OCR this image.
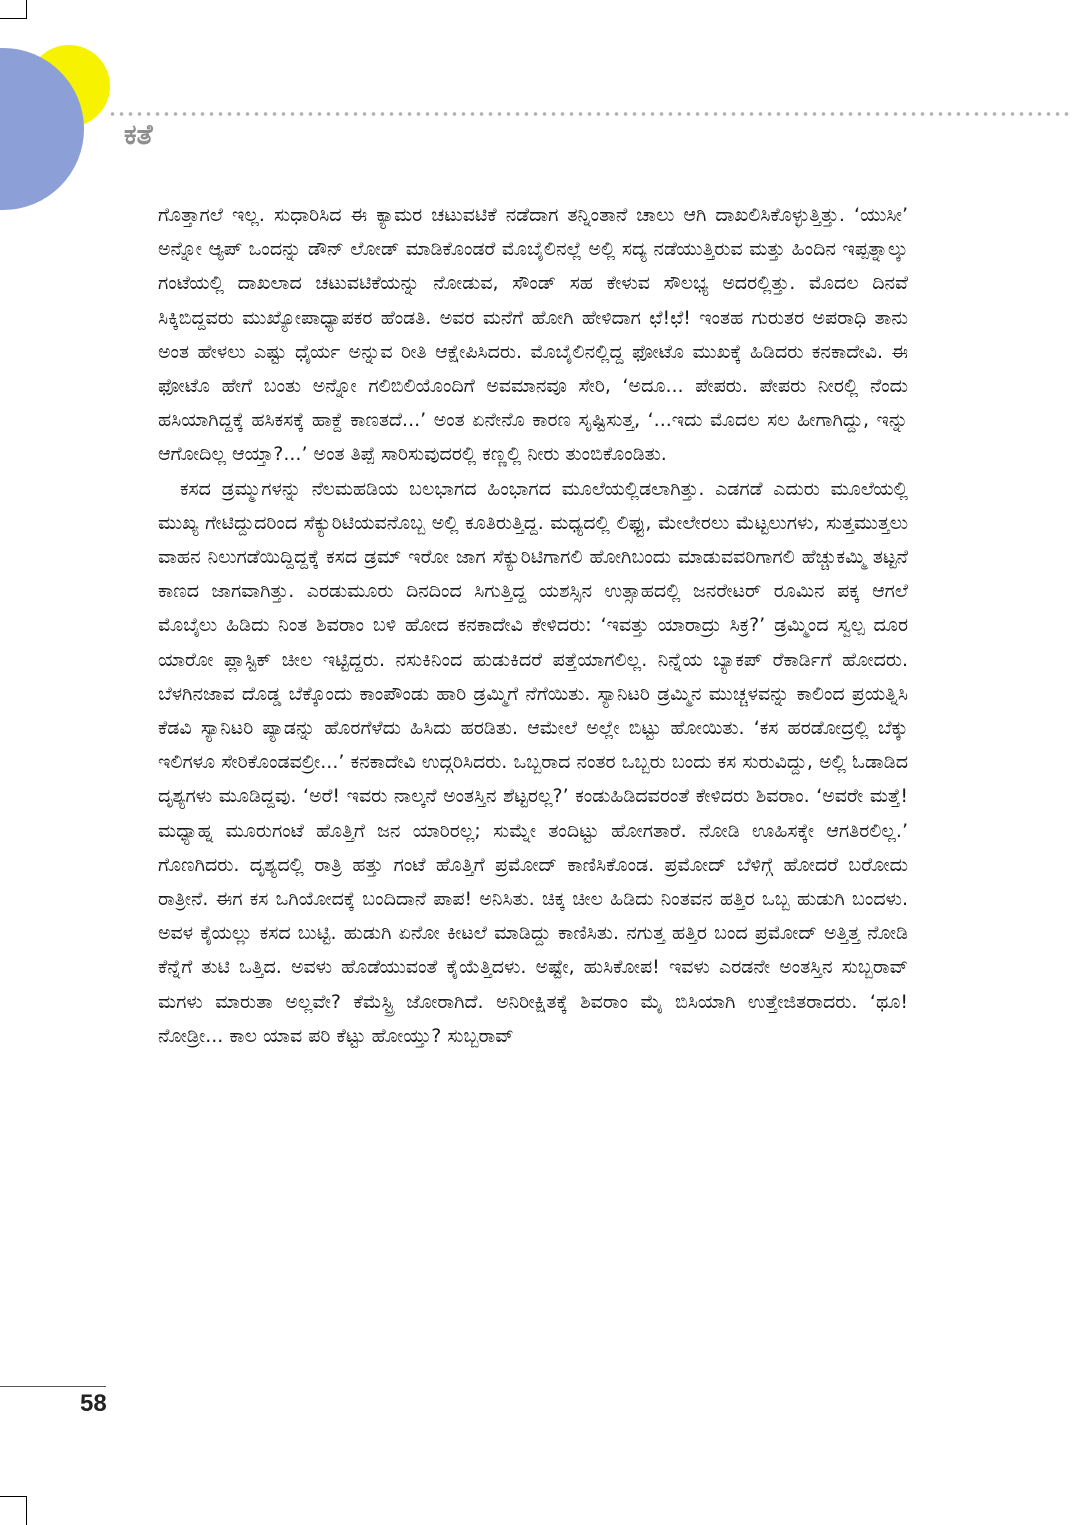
ಕತೆ

ಗೊತ್ತಾಗಲೆ ಇಲ್ಲ. ಸುಧಾರಿಸಿದ ಈ ಕ್ಯಾಮರ ಚಟುವಟಿಕೆ ನಡೆದಾಗ ತನ್ನಿಂತಾನೆ ಚಾಲು ಆಗಿ ದಾಖಲಿಸಿಕೊಳ್ಳುತ್ತಿತ್ತು. ‘ಯುಸೀ’ ಅನ್ನೋ ಆ್ಯಪ್ ಒಂದನ್ನು ಡೌನ್ ಲೋಡ್ ಮಾಡಿಕೊಂಡರೆ ಮೊಬೈಲಿನಲ್ಲೆ ಅಲ್ಲಿ ಸದ್ಯ ನಡೆಯುತ್ತಿರುವ ಮತ್ತು ಹಿಂದಿನ ಇಪ್ಪತ್ನಾಲ್ಕು ಗಂಟೆಯಲ್ಲಿ ದಾಖಲಾದ ಚಟುವಟಿಕೆಯನ್ನು ನೋಡುವ, ಸೌಂಡ್ ಸಹ ಕೇಳುವ ಸೌಲಭ್ಯ ಅದರಲ್ಲಿತ್ತು. ಮೊದಲ ದಿನವೆ ಸಿಕ್ಕಿಬಿದ್ದವರು ಮುಖ್ಯೋಪಾಧ್ಯಾಪಕರ ಹೆಂಡತಿ. ಅವರ ಮನೆಗೆ ಹೋಗಿ ಹೇಳಿದಾಗ ಛೆ!ಛೆ! ಇಂತಹ ಗುರುತರ ಅಪರಾಧಿ ತಾನು ಅಂತ ಹೇಳಲು ಎಷ್ಟು ಧೈರ್ಯ ಅನ್ನುವ ರೀತಿ ಆಕ್ಷೇಪಿಸಿದರು. ಮೊಬೈಲಿನಲ್ಲಿದ್ದ ಫೋಟೊ ಮುಖಕ್ಕೆ ಹಿಡಿದರು ಕನಕಾದೇವಿ. ಈ ಫೋಟೊ ಹೇಗೆ ಬಂತು ಅನ್ನೋ ಗಲಿಬಿಲಿಯೊಂದಿಗೆ ಅವಮಾನವೂ ಸೇರಿ, ‘ಅದೂ... ಪೇಪರು. ಪೇಪರು ನೀರಲ್ಲಿ ನೆಂದು ಹಸಿಯಾಗಿದ್ದಕ್ಕೆ ಹಸಿಕಸಕ್ಕೆ ಹಾಕ್ದೆ ಕಾಣತದೆ...’ ಅಂತ ಏನೇನೊ ಕಾರಣ ಸೃಷ್ಟಿಸುತ್ತ, ‘...ಇದು ಮೊದಲ ಸಲ ಹೀಗಾಗಿದ್ದು, ಇನ್ನು ಆಗೋದಿಲ್ಲ ಆಯ್ತಾ?...’ ಅಂತ ತಿಪ್ಪೆ ಸಾರಿಸುವುದರಲ್ಲಿ ಕಣ್ಣಲ್ಲಿ ನೀರು ತುಂಬಿಕೊಂಡಿತು.

ಕಸದ ಡ್ರಮ್ಮುಗಳನ್ನು ನೆಲಮಹಡಿಯ ಬಲಭಾಗದ ಹಿಂಭಾಗದ ಮೂಲೆಯಲ್ಲಿಡಲಾಗಿತ್ತು. ಎಡಗಡೆ ಎದುರು ಮೂಲೆಯಲ್ಲಿ ಮುಖ್ಯ ಗೇಟಿದ್ದುದರಿಂದ ಸೆಕ್ಯುರಿಟಿಯವನೊಬ್ಬ ಅಲ್ಲಿ ಕೂತಿರುತ್ತಿದ್ದ. ಮಧ್ಯದಲ್ಲಿ ಲಿಫ್ಟು, ಮೇಲೇರಲು ಮೆಟ್ಟಲುಗಳು, ಸುತ್ತಮುತ್ತಲು ವಾಹನ ನಿಲುಗಡೆಯಿದ್ದಿದ್ದಕ್ಕೆ ಕಸದ ಡ್ರಮ್ ಇರೋ ಜಾಗ ಸೆಕ್ಯುರಿಟಿಗಾಗಲಿ ಹೋಗಿಬಂದು ಮಾಡುವವರಿಗಾಗಲಿ ಹೆಚ್ಚುಕಮ್ಮಿ ತಟ್ಟನೆ ಕಾಣದ ಜಾಗವಾಗಿತ್ತು. ಎರಡುಮೂರು ದಿನದಿಂದ ಸಿಗುತ್ತಿದ್ದ ಯಶಸ್ಸಿನ ಉತ್ಸಾಹದಲ್ಲಿ ಜನರೇಟರ್ ರೂಮಿನ ಪಕ್ಕ ಆಗಲೆ ಮೊಬೈಲು ಹಿಡಿದು ನಿಂತ ಶಿವರಾಂ ಬಳಿ ಹೋದ ಕನಕಾದೇವಿ ಕೇಳಿದರು: ‘ಇವತ್ತು ಯಾರಾದ್ರು ಸಿಕ್ರ?’ ಡ್ರಮ್ಮಿಂದ ಸ್ವಲ್ಪ ದೂರ ಯಾರೋ ಪ್ಲಾಸ್ಟಿಕ್ ಚೀಲ ಇಟ್ಟಿದ್ದರು. ನಸುಕಿನಿಂದ ಹುಡುಕಿದರೆ ಪತ್ತೆಯಾಗಲಿಲ್ಲ. ನಿನ್ನೆಯ ಬ್ಯಾಕಪ್ ರೆಕಾರ್ಡಿಗೆ ಹೋದರು. ಬೆಳಗಿನಜಾವ ದೊಡ್ಡ ಬೆಕ್ಕೊಂದು ಕಾಂಪೌಂಡು ಹಾರಿ ಡ್ರಮ್ಮಿಗೆ ನೆಗೆಯಿತು. ಸ್ಯಾನಿಟರಿ ಡ್ರಮ್ಮಿನ ಮುಚ್ಚಳವನ್ನು ಕಾಲಿಂದ ಪ್ರಯತ್ನಿಸಿ ಕೆಡವಿ ಸ್ಯಾನಿಟರಿ ಪ್ಯಾಡನ್ನು ಹೊರಗೆಳೆದು ಹಿಸಿದು ಹರಡಿತು. ಆಮೇಲೆ ಅಲ್ಲೇ ಬಿಟ್ಟು ಹೋಯಿತು. ‘ಕಸ ಹರಡೋದ್ರಲ್ಲಿ ಬೆಕ್ಕು ಇಲಿಗಳೂ ಸೇರಿಕೊಂಡವಲ್ರೀ...’ ಕನಕಾದೇವಿ ಉದ್ಗರಿಸಿದರು. ಒಬ್ಬರಾದ ನಂತರ ಒಬ್ಬರು ಬಂದು ಕಸ ಸುರುವಿದ್ದು, ಅಲ್ಲಿ ಓಡಾಡಿದ ದೃಶ್ಯಗಳು ಮೂಡಿದ್ದವು. ‘ಅರೆ! ಇವರು ನಾಲ್ಕನೆ ಅಂತಸ್ತಿನ ಶೆಟ್ಟರಲ್ಲ?’ ಕಂಡುಹಿಡಿದವರಂತೆ ಕೇಳಿದರು ಶಿವರಾಂ. ‘ಅವರೇ ಮತ್ತೆ! ಮಧ್ಯಾಹ್ನ ಮೂರುಗಂಟೆ ಹೊತ್ತಿಗೆ ಜನ ಯಾರಿರಲ್ಲ; ಸುಮ್ನೇ ತಂದಿಟ್ಟು ಹೋಗತಾರೆ. ನೋಡಿ ಊಹಿಸಕ್ಕೇ ಆಗತಿರಲಿಲ್ಲ.’ ಗೊಣಗಿದರು. ದೃಶ್ಯದಲ್ಲಿ ರಾತ್ರಿ ಹತ್ತು ಗಂಟೆ ಹೊತ್ತಿಗೆ ಪ್ರಮೋದ್ ಕಾಣಿಸಿಕೊಂಡ. ಪ್ರಮೋದ್ ಬೆಳಿಗ್ಗೆ ಹೋದರೆ ಬರೋದು ರಾತ್ರೀನೆ. ಈಗ ಕಸ ಒಗಿಯೋದಕ್ಕೆ ಬಂದಿದಾನೆ ಪಾಪ! ಅನಿಸಿತು. ಚಿಕ್ಕ ಚೀಲ ಹಿಡಿದು ನಿಂತವನ ಹತ್ತಿರ ಒಬ್ಬ ಹುಡುಗಿ ಬಂದಳು. ಅವಳ ಕೈಯಲ್ಲು ಕಸದ ಬುಟ್ಟಿ. ಹುಡುಗಿ ಏನೋ ಕೀಟಲೆ ಮಾಡಿದ್ದು ಕಾಣಿಸಿತು. ನಗುತ್ತ ಹತ್ತಿರ ಬಂದ ಪ್ರಮೋದ್ ಅತ್ತಿತ್ತ ನೋಡಿ ಕೆನ್ನೆಗೆ ತುಟಿ ಒತ್ತಿದ. ಅವಳು ಹೊಡೆಯುವಂತೆ ಕೈಯೆತ್ತಿದಳು. ಅಷ್ಟೇ, ಹುಸಿಕೋಪ! ಇವಳು ಎರಡನೇ ಅಂತಸ್ತಿನ ಸುಬ್ಬರಾವ್ ಮಗಳು ಮಾರುತಾ ಅಲ್ಲವೇ? ಕೆಮೆಸ್ಟ್ರಿ ಜೋರಾಗಿದೆ. ಅನಿರೀಕ್ಷಿತಕ್ಕೆ ಶಿವರಾಂ ಮೈ ಬಿಸಿಯಾಗಿ ಉತ್ತೇಜಿತರಾದರು. ‘ಥೂ! ನೋಡ್ರೀ... ಕಾಲ ಯಾವ ಪರಿ ಕೆಟ್ಟು ಹೋಯ್ತು? ಸುಬ್ಬರಾವ್

58
